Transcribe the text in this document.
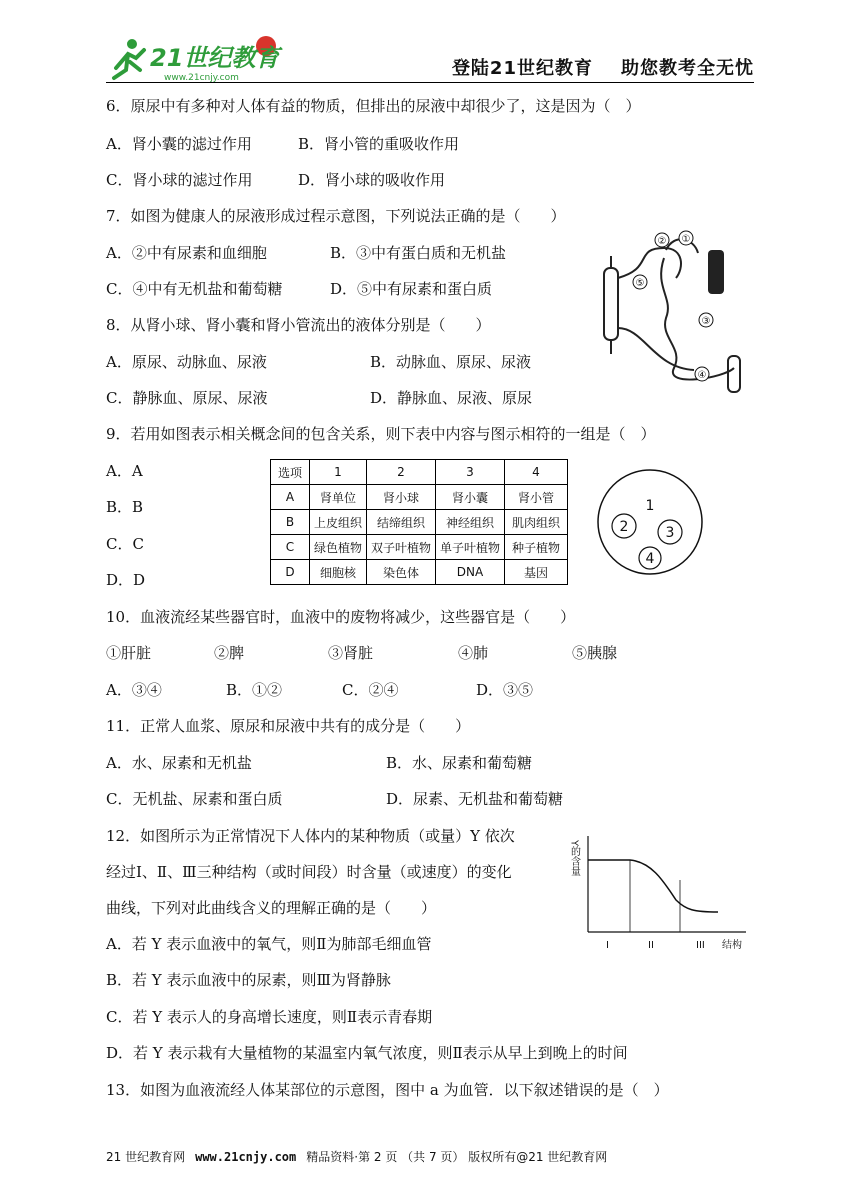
21世纪教育
www.21cnjy.com	登陆21世纪教育 助您教考全无忧
6．原尿中有多种对人体有益的物质，但排出的尿液中却很少了，这是因为（　）
A．肾小囊的滤过作用	B．肾小管的重吸收作用
C．肾小球的滤过作用	D．肾小球的吸收作用
7．如图为健康人的尿液形成过程示意图，下列说法正确的是（　　）
A．②中有尿素和血细胞	B．③中有蛋白质和无机盐
C．④中有无机盐和葡萄糖	D．⑤中有尿素和蛋白质
①
②
③
④
⑤
8．从肾小球、肾小囊和肾小管流出的液体分别是（　　）
A．原尿、动脉血、尿液	B．动脉血、原尿、尿液
C．静脉血、原尿、尿液	D．静脉血、尿液、原尿
9．若用如图表示相关概念间的包含关系，则下表中内容与图示相符的一组是（　）
A．A
B．B
C．C
D．D
选项	1	2	3	4
A	肾单位	肾小球	肾小囊	肾小管
B	上皮组织	结缔组织	神经组织	肌肉组织
C	绿色植物	双子叶植物	单子叶植物	种子植物
D	细胞核	染色体	DNA	基因
1
2	3
4
10．血液流经某些器官时，血液中的废物将减少，这些器官是（　　）
①肝脏	②脾	③肾脏	④肺	⑤胰腺
A．③④	B．①②	C．②④	D．③⑤
11．正常人血浆、原尿和尿液中共有的成分是（　　）
A．水、尿素和无机盐	B．水、尿素和葡萄糖
C．无机盐、尿素和蛋白质	D．尿素、无机盐和葡萄糖
12．如图所示为正常情况下人体内的某种物质（或量）Y 依次
经过Ⅰ、Ⅱ、Ⅲ三种结构（或时间段）时含量（或速度）的变化
曲线，下列对此曲线含义的理解正确的是（　　）
A．若 Y 表示血液中的氧气，则Ⅱ为肺部毛细血管
B．若 Y 表示血液中的尿素，则Ⅲ为肾静脉
C．若 Y 表示人的身高增长速度，则Ⅱ表示青春期
D．若 Y 表示栽有大量植物的某温室内氧气浓度，则Ⅱ表示从早上到晚上的时间
Y的含量
I	II	III 结构
13．如图为血液流经人体某部位的示意图，图中 a 为血管．以下叙述错误的是（　）
21 世纪教育网 www.21cnjy.com 精品资料·第 2 页 （共 7 页） 版权所有@21 世纪教育网
